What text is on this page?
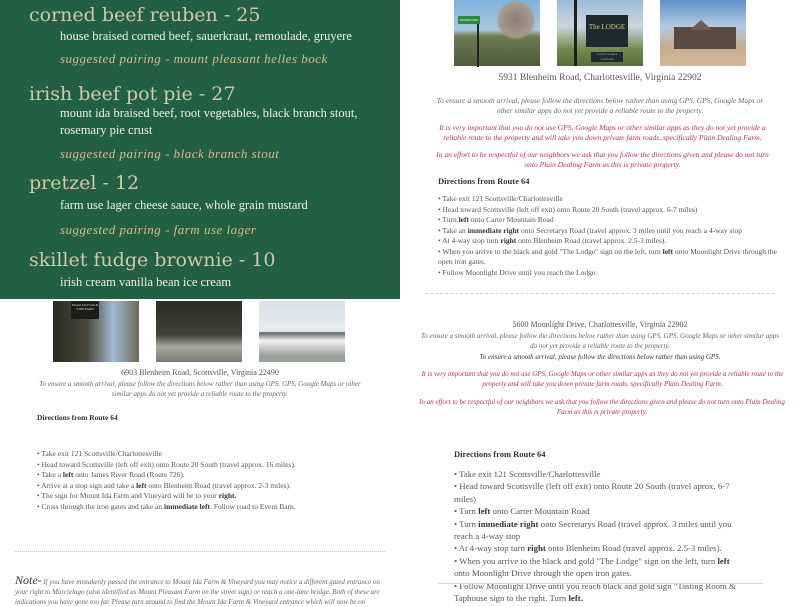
corned beef reuben - 25
house braised corned beef, sauerkraut, remoulade, gruyere
suggested pairing - mount pleasant helles bock
irish beef pot pie - 27
mount ida braised beef, root vegetables, black branch stout, rosemary pie crust
suggested pairing - black branch stout
pretzel - 12
farm use lager cheese sauce, whole grain mustard
suggested pairing - farm use lager
skillet fudge brownie - 10
irish cream vanilla bean ice cream
MOONLIGHT
The LODGE
TASTING ROOM & TAPHOUSE
5931 Blenheim Road, Charlottesville, Virginia 22902
To ensure a smooth arrival, please follow the directions below rather than using GPS. GPS, Google Maps or other similar apps do not yet provide a reliable route to the property.
It is very important that you do not use GPS, Google Maps or other similar apps as they do not yet provide a reliable route to the property and will take you down private farm roads, specifically Plain Dealing Farm.
In an effort to be respectful of our neighbors we ask that you follow the directions given and please do not turn onto Plain Dealing Farm as this is private property.
Directions from Route 64
• Take exit 121 Scottsville/Charlottesville
• Head toward Scottsville (left off exit) onto Route 20 South (travel approx. 6-7 miles)
• Turn left onto Carter Mountain Road
• Take an immediate right onto Secretarys Road (travel approx. 3 miles until you reach a 4-way stop
• At 4-way stop turn right onto Blenheim Road (travel approx. 2.5-3 miles).
• When you arrive to the black and gold "The Lodge" sign on the left, turn left onto Moonlight Drive through the open iron gates.
• Follow Moonlight Drive until you reach the Lodge.
Mount Ida Farm & VINEYARD
6903 Blenheim Road, Scottsville, Virginia 22490
To ensure a smooth arrival, please follow the directions below rather than using GPS. GPS, Google Maps or other similar apps do not yet provide a reliable route to the property.
Directions from Route 64
• Take exit 121 Scottsville/Charlottesville
• Head toward Scottsville (left off exit) onto Route 20 South (travel approx. 16 miles).
• Take a left onto James River Road (Route 726).
• Arrive at a stop sign and take a left onto Blenheim Road (travel approx. 2-3 miles).
• The sign for Mount Ida Farm and Vineyard will be to your right.
• Cross through the iron gates and take an immediate left. Follow road to Event Barn.
Note- If you have mistakenly passed the entrance to Mount Ida Farm & Vineyard you may notice a different gated entrance on your right to Murcielago (also identified as Mount Pleasant Farm on the street sign) or reach a one-lane bridge. Both of these are indications you have gone too far. Please turn around to find the Mount Ida Farm & Vineyard entrance which will now be on
5600 Moonlight Drive, Charlottesville, Virginia 22902
To ensure a smooth arrival, please follow the directions below rather than using GPS. GPS, Google Maps or other similar apps do not yet provide a reliable route to the property.
To ensure a smooth arrival, please follow the directions below rather than using GPS.
It is very important that you do not use GPS, Google Maps or other similar apps as they do not yet provide a reliable route to the property and will take you down private farm roads, specifically Plain Dealing Farm.
In an effort to be respectful of our neighbors we ask that you follow the directions given and please do not turn onto Plain Dealing Farm as this is private property.
Directions from Route 64
• Take exit 121 Scottsville/Charlottesville
• Head toward Scottsville (left off exit) onto Route 20 South (travel aprox. 6-7 miles)
• Turn left onto Carter Mountain Road
• Turn immediate right onto Secretarys Road (travel approx. 3 miles until you reach a 4-way stop
• At 4-way stop turn right onto Blenheim Road (travel approx. 2.5-3 miles).
• When you arrive to the black and gold "The Lodge" sign on the left, turn left onto Moonlight Drive through the open iron gates.
• Follow Moonlight Drive until you reach black and gold sign "Tasting Room & Taphouse sign to the right. Turn left.
